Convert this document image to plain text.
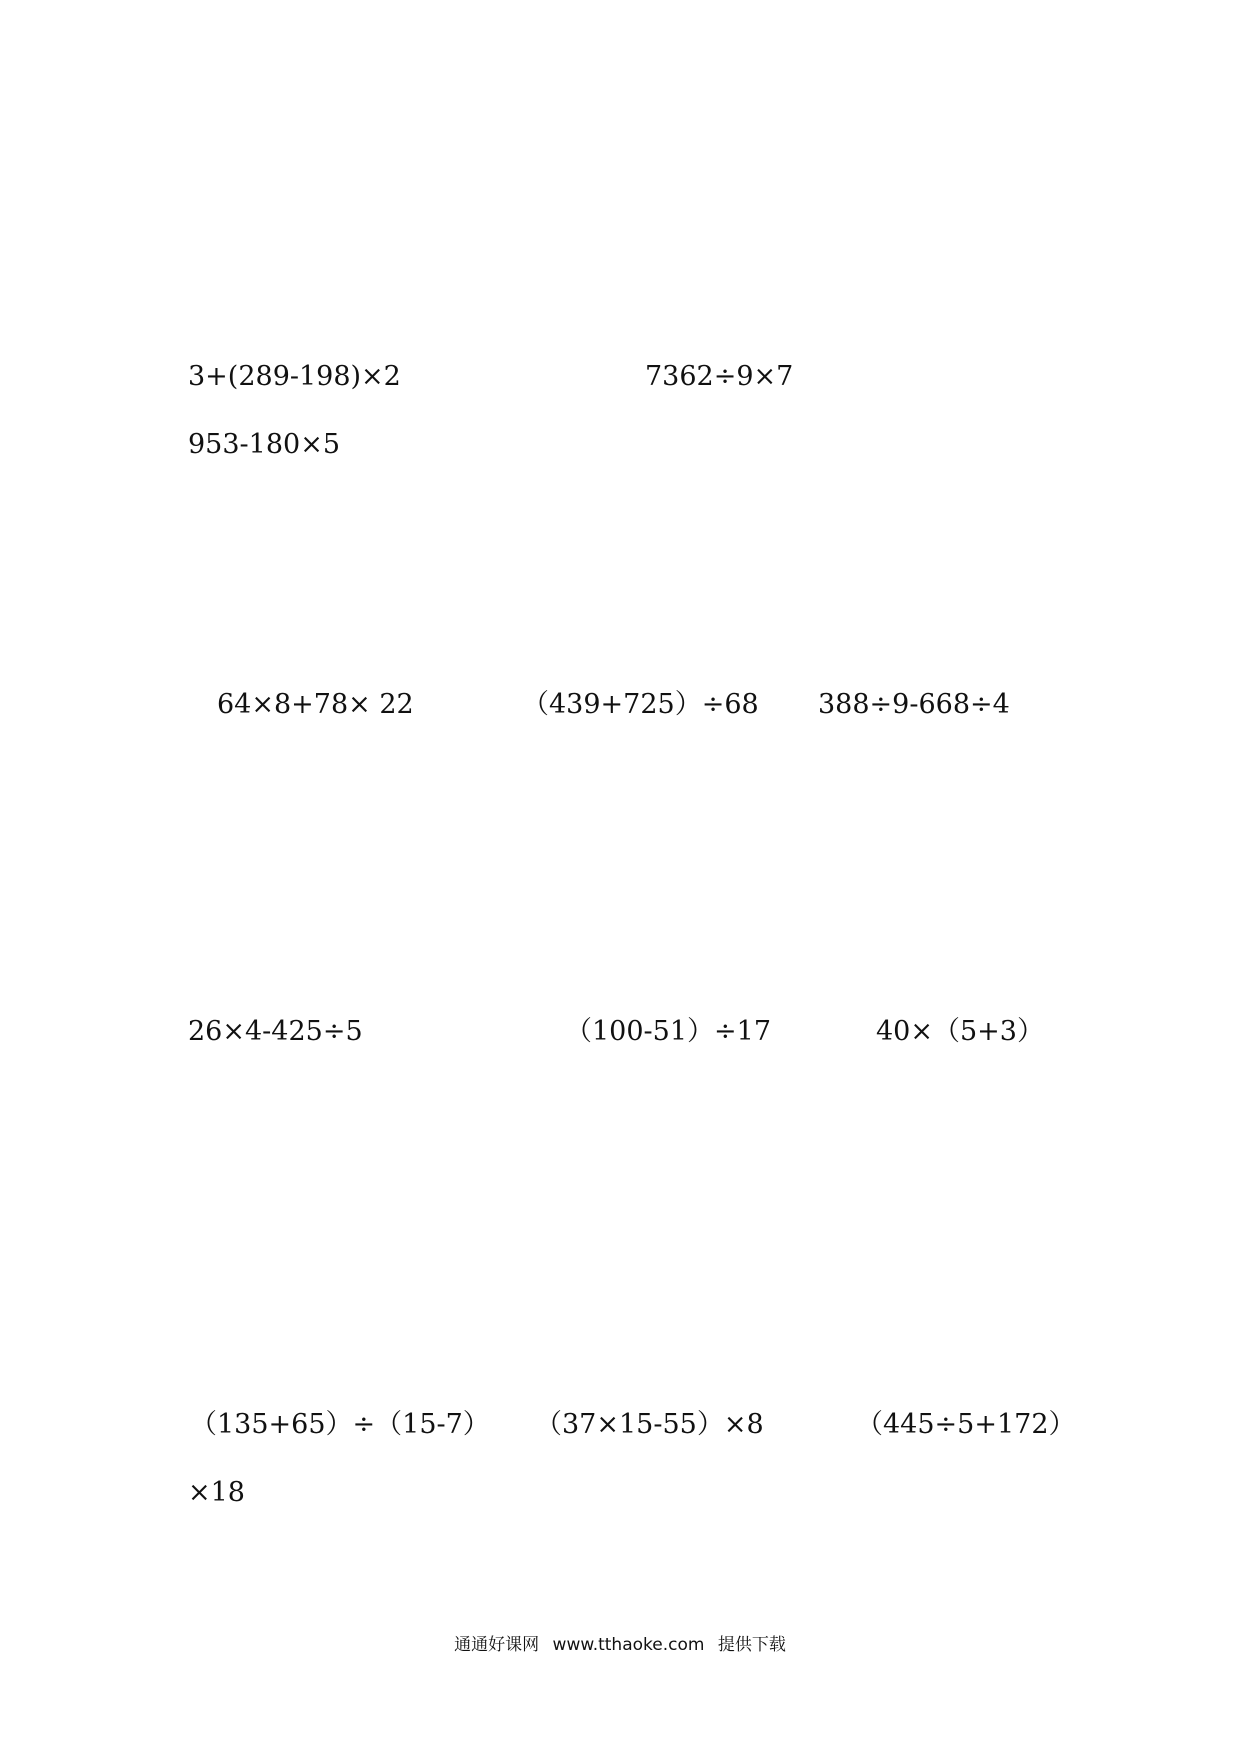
3+(289-198)×2	7362÷9×7
953-180×5
64×8+78× 22	（439+725）÷68 388÷9-668÷4
26×4-425÷5	（100-51）÷17	40×（5+3）
（135+65）÷（15-7） （37×15-55）×8	（445÷5+172）
×18
通通好课网 www.tthaoke.com 提供下载
